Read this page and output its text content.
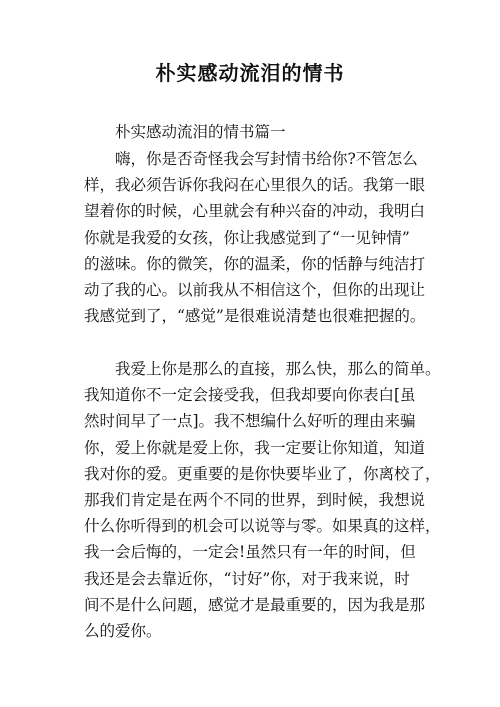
朴实感动流泪的情书

朴实感动流泪的情书篇一

嗨，你是否奇怪我会写封情书给你?不管怎么
样，我必须告诉你我闷在心里很久的话。我第一眼
望着你的时候，心里就会有种兴奋的冲动，我明白
你就是我爱的女孩，你让我感觉到了“一见钟情”
的滋味。你的微笑，你的温柔，你的恬静与纯洁打
动了我的心。以前我从不相信这个，但你的出现让
我感觉到了，“感觉”是很难说清楚也很难把握的。
我爱上你是那么的直接，那么快，那么的简单。
我知道你不一定会接受我，但我却要向你表白[虽
然时间早了一点]。我不想编什么好听的理由来骗
你，爱上你就是爱上你，我一定要让你知道，知道
我对你的爱。更重要的是你快要毕业了，你离校了，
那我们肯定是在两个不同的世界，到时候，我想说
什么你听得到的机会可以说等与零。如果真的这样，
我一会后悔的，一定会!虽然只有一年的时间，但
我还是会去靠近你，“讨好”你，对于我来说，时
间不是什么问题，感觉才是最重要的，因为我是那
么的爱你。
